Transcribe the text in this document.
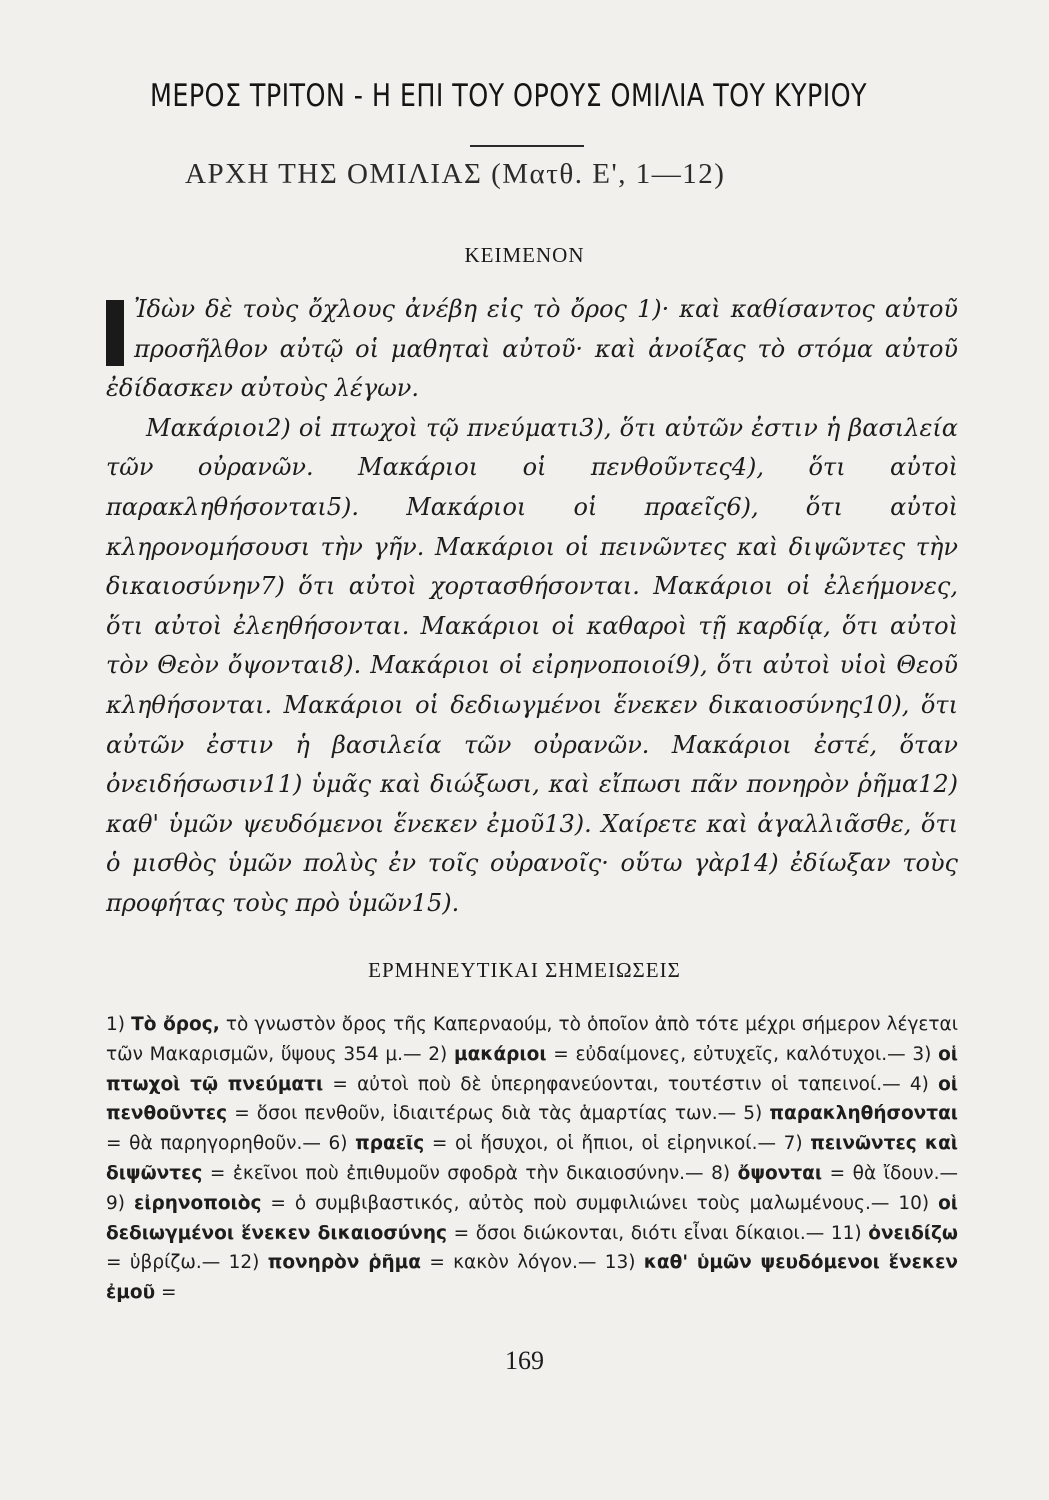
ΜΕΡΟΣ ΤΡΙΤΟΝ - Η ΕΠΙ ΤΟΥ ΟΡΟΥΣ ΟΜΙΛΙΑ ΤΟΥ ΚΥΡΙΟΥ
ΑΡΧΗ ΤΗΣ ΟΜΙΛΙΑΣ (Ματθ. Ε', 1—12)
ΚΕΙΜΕΝΟΝ

Ἰδὼν δὲ τοὺς ὄχλους ἀνέβη εἰς τὸ ὄρος 1)· καὶ καθίσαντος αὐτοῦ προσῆλθον αὐτῷ οἱ μαθηταὶ αὐτοῦ· καὶ ἀνοίξας τὸ στόμα αὐτοῦ ἐδίδασκεν αὐτοὺς λέγων.

Μακάριοι2) οἱ πτωχοὶ τῷ πνεύματι3), ὅτι αὐτῶν ἐστιν ἡ βασιλεία τῶν οὐρανῶν. Μακάριοι οἱ πενθοῦντες4), ὅτι αὐτοὶ παρακληθήσονται5). Μακάριοι οἱ πραεῖς6), ὅτι αὐτοὶ κληρονομήσουσι τὴν γῆν. Μακάριοι οἱ πεινῶντες καὶ διψῶντες τὴν δικαιοσύνην7) ὅτι αὐτοὶ χορτασθήσονται. Μακάριοι οἱ ἐλεήμονες, ὅτι αὐτοὶ ἐλεηθήσονται. Μακάριοι οἱ καθαροὶ τῇ καρδίᾳ, ὅτι αὐτοὶ τὸν Θεὸν ὄψονται8). Μακάριοι οἱ εἰρηνοποιοί9), ὅτι αὐτοὶ υἱοὶ Θεοῦ κληθήσονται. Μακάριοι οἱ δεδιωγμένοι ἕνεκεν δικαιοσύνης10), ὅτι αὐτῶν ἐστιν ἡ βασιλεία τῶν οὐρανῶν. Μακάριοι ἐστέ, ὅταν ὀνειδήσωσιν11) ὑμᾶς καὶ διώξωσι, καὶ εἴπωσι πᾶν πονηρὸν ῥῆμα12) καθ' ὑμῶν ψευδόμενοι ἕνεκεν ἐμοῦ13). Χαίρετε καὶ ἀγαλλιᾶσθε, ὅτι ὁ μισθὸς ὑμῶν πολὺς ἐν τοῖς οὐρανοῖς· οὕτω γὰρ14) ἐδίωξαν τοὺς προφήτας τοὺς πρὸ ὑμῶν15).

ΕΡΜΗΝΕΥΤΙΚΑΙ ΣΗΜΕΙΩΣΕΙΣ

1) Τὸ ὄρος, τὸ γνωστὸν ὄρος τῆς Καπερναούμ, τὸ ὁποῖον ἀπὸ τότε μέχρι σήμερον λέγεται τῶν Μακαρισμῶν, ὕψους 354 μ.— 2) μακάριοι = εὐδαίμονες, εὐτυχεῖς, καλότυχοι.— 3) οἱ πτωχοὶ τῷ πνεύματι = αὐτοὶ ποὺ δὲ ὑπερηφανεύονται, τουτέστιν οἱ ταπεινοί.— 4) οἱ πενθοῦντες = ὅσοι πενθοῦν, ἰδιαιτέρως διὰ τὰς ἁμαρτίας των.— 5) παρακληθήσονται = θὰ παρηγορηθοῦν.— 6) πραεῖς = οἱ ἥσυχοι, οἱ ἤπιοι, οἱ εἰρηνικοί.— 7) πεινῶντες καὶ διψῶντες = ἐκεῖνοι ποὺ ἐπιθυμοῦν σφοδρὰ τὴν δικαιοσύνην.— 8) ὄψονται = θὰ ἴδουν.— 9) εἰρηνοποιὸς = ὁ συμβιβαστικός, αὐτὸς ποὺ συμφιλιώνει τοὺς μαλωμένους.— 10) οἱ δεδιωγμένοι ἕνεκεν δικαιοσύνης = ὅσοι διώκονται, διότι εἶναι δίκαιοι.— 11) ὀνειδίζω = ὑβρίζω.— 12) πονηρὸν ῥῆμα = κακὸν λόγον.— 13) καθ' ὑμῶν ψευδόμενοι ἕνεκεν ἐμοῦ =

169
